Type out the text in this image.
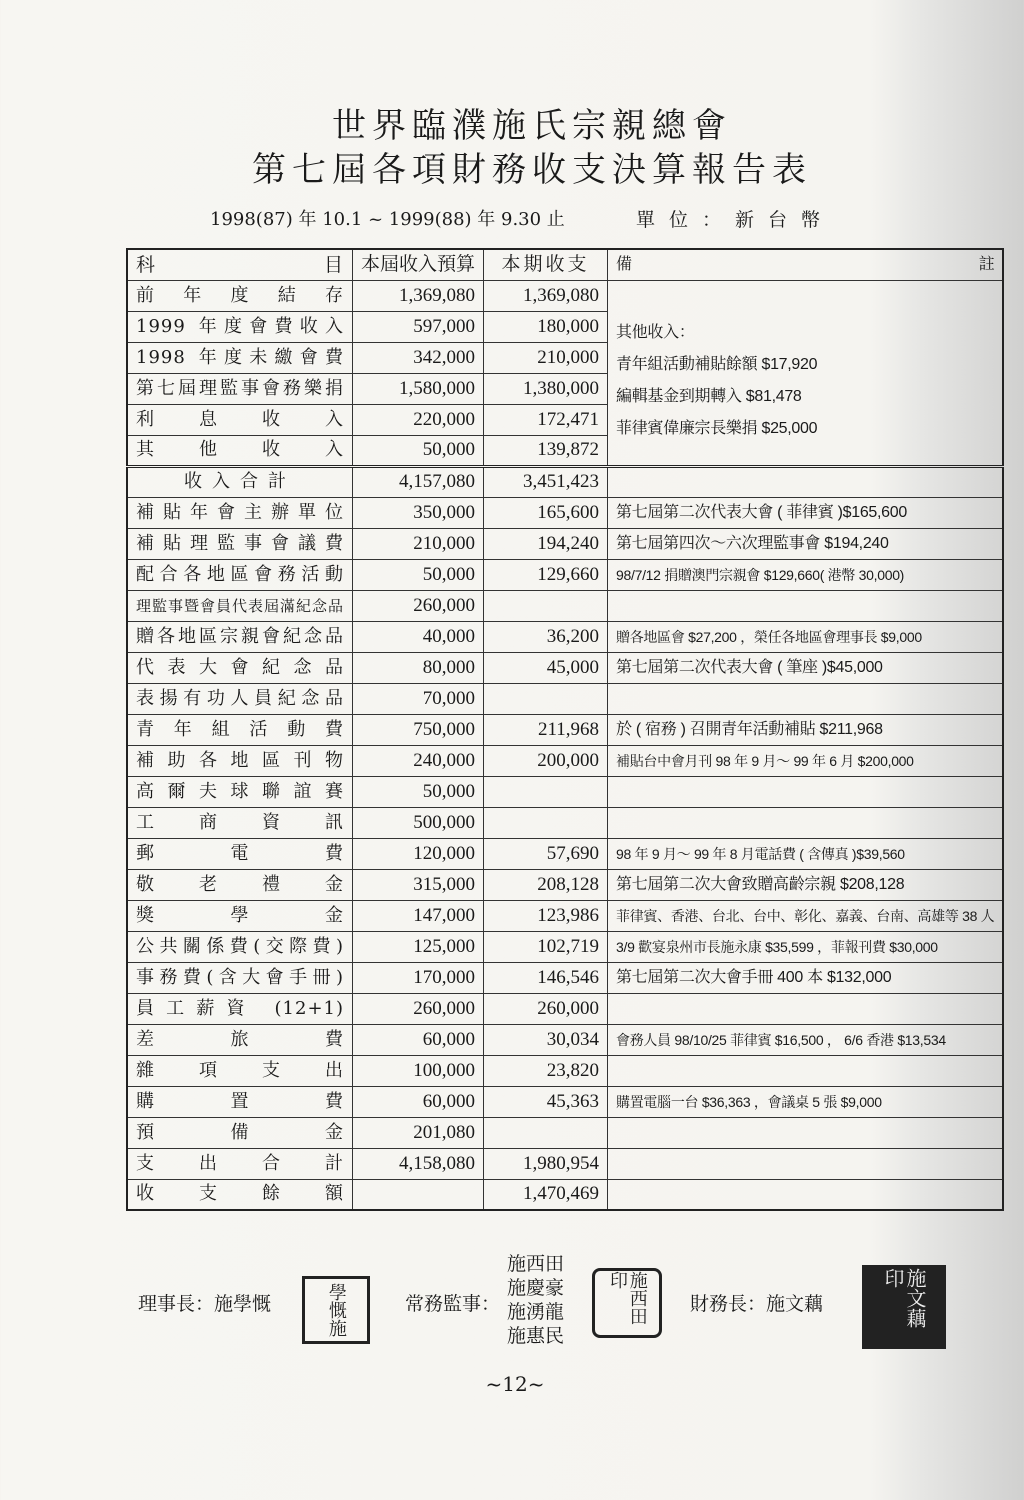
世界臨濮施氏宗親總會
第七屆各項財務收支決算報告表
1998(87) 年 10.1 ~ 1999(88) 年 9.30 止	單位：新台幣
科 目	本屆收入預算	本期收支	備 註

前年度結存	1,369,080	1,369,080	其他收入：
青年組活動補貼餘額 $17,920
編輯基金到期轉入 $81,478
菲律賓偉廉宗長樂捐 $25,000

1999 年度會費收入	597,000	180,000	
1998 年度未繳會費	342,000	210,000	
第七屆理監事會務樂捐	1,580,000	1,380,000	
利息收入	220,000	172,471	
其他收入	50,000	139,872	
收入合計	4,157,080	3,451,423	
補貼年會主辦單位	350,000	165,600	第七屆第二次代表大會 ( 菲律賓 )$165,600
補貼理監事會議費	210,000	194,240	第七屆第四次～六次理監事會 $194,240
配合各地區會務活動	50,000	129,660	98/7/12 捐贈澳門宗親會 $129,660( 港幣 30,000)
理監事暨會員代表屆滿紀念品	260,000		
贈各地區宗親會紀念品	40,000	36,200	贈各地區會 $27,200 ，榮任各地區會理事長 $9,000
代表大會紀念品	80,000	45,000	第七屆第二次代表大會 ( 筆座 )$45,000
表揚有功人員紀念品	70,000		
青年組活動費	750,000	211,968	於 ( 宿務 ) 召開青年活動補貼 $211,968
補助各地區刊物	240,000	200,000	補貼台中會月刊 98 年 9 月～ 99 年 6 月 $200,000
高爾夫球聯誼賽	50,000		
工商資訊	500,000		
郵電費	120,000	57,690	98 年 9 月～ 99 年 8 月電話費 ( 含傳真 )$39,560
敬老禮金	315,000	208,128	第七屆第二次大會致贈高齡宗親 $208,128
獎學金	147,000	123,986	菲律賓、香港、台北、台中、彰化、嘉義、台南、高雄等 38 人
公共關係費(交際費)	125,000	102,719	3/9 歡宴泉州市長施永康 $35,599 ，菲報刊費 $30,000
事務費(含大會手冊)	170,000	146,546	第七屆第二次大會手冊 400 本 $132,000
員工薪資 (12+1)	260,000	260,000	
差旅費	60,000	30,034	會務人員 98/10/25 菲律賓 $16,500 ， 6/6 香港 $13,534
雜項支出	100,000	23,820	
購置費	60,000	45,363	購置電腦一台 $36,363 ，會議桌 5 張 $9,000
預備金	201,080		
支出合計	4,158,080	1,980,954	
收支餘額		1,470,469	
理事長：施學慨	學慨施	常務監事：
施西田
施慶豪
施湧龍
施惠民
施西田印
財務長：施文藕	施文藕印
~12~
